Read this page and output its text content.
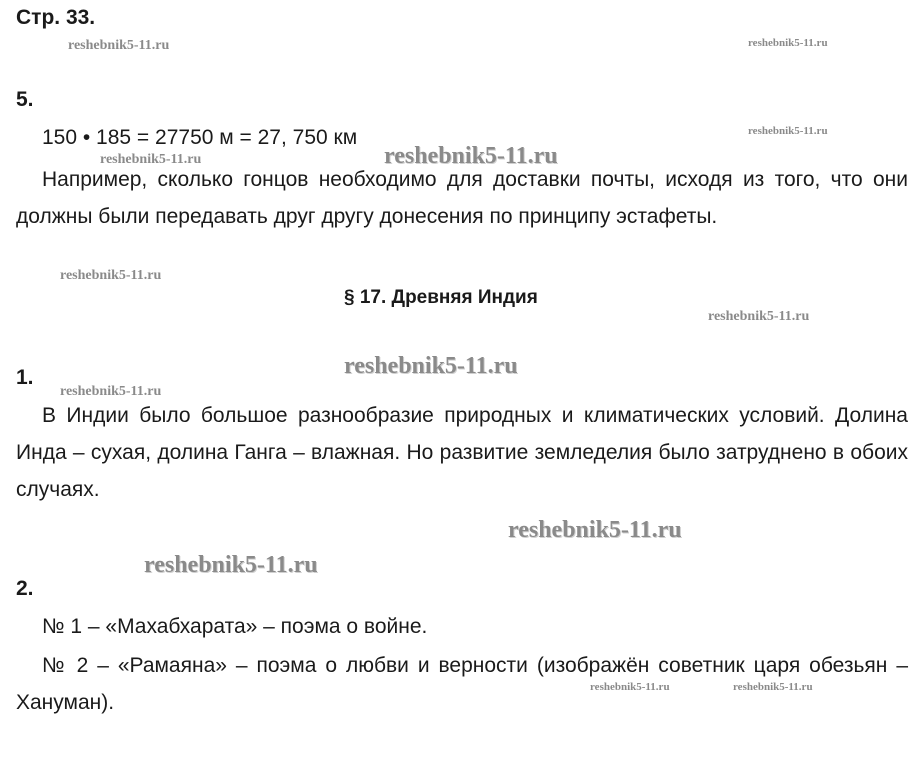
Стр. 33.
reshebnik5-11.ru	reshebnik5-11.ru
5.
150 • 185 = 27750 м = 27, 750 км	reshebnik5-11.ru
reshebnik5-11.ru	reshebnik5-11.ru
Например, сколько гонцов необходимо для доставки почты, исходя из того, что они должны были передавать друг другу донесения по принципу эстафеты.
reshebnik5-11.ru
§ 17. Древняя Индия
reshebnik5-11.ru
reshebnik5-11.ru
1.
reshebnik5-11.ru
В Индии было большое разнообразие природных и климатических условий. Долина Инда – сухая, долина Ганга – влажная. Но развитие земледелия было затруднено в обоих случаях.
reshebnik5-11.ru
reshebnik5-11.ru
2.
№ 1 – «Махабхарата» – поэма о войне.
№ 2 – «Рамаяна» – поэма о любви и верности (изображён советник царя обезьян – Хануман).
reshebnik5-11.ru	reshebnik5-11.ru
